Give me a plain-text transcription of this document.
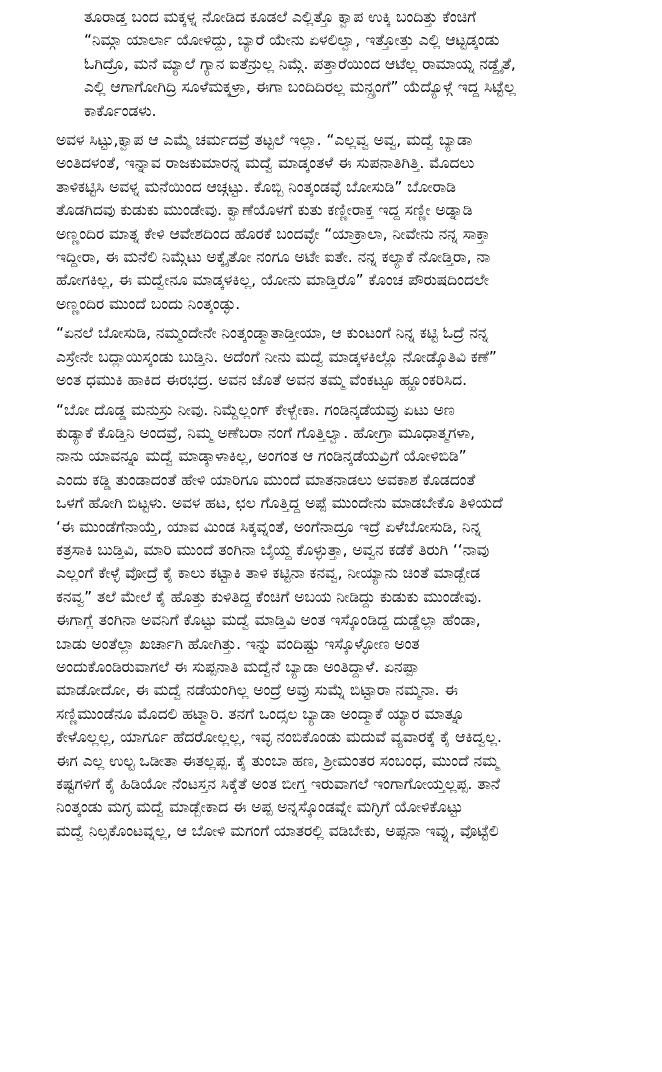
ತೂರಾಡ್ತ ಬಂದ ಮಕ್ಕಳ್ನ ನೋಡಿದ ಕೂಡಲೆ ಎಲ್ಲಿತ್ತೊ ಕ್ವಾಪ ಉಕ್ಕಿ ಬಂದಿತ್ತು ಕೆಂಚಿಗೆ
“ನಿಮ್ಗಾ ಯಾರ್ಲಾ ಯೋಳಿದ್ದು, ಬ್ಯಾರೆ ಯೇನು ಏಳಲಿಲ್ವಾ, ಇತ್ತೋತ್ತು ಎಲ್ಲಿ ಆಟ್ಟಡ್ಕಂಡು
ಓಗಿದ್ರೊ, ಮನೆ ಮ್ಯಾಲೆ ಗ್ಯಾನ ಐತೆನ್ರುಲ್ಲ ನಿಮ್ಗೆ. ಪತ್ತಾರೆಯಿಂದ ಆಟೆಲ್ಲ ರಾಮಾಯ್ನ ನಡ್ದೈತೆ,
ಎಲ್ಲಿ ಆಗಾಗೋಗಿದ್ರಿ ಸೂಳೆಮಕ್ಕಳ್ರಾ, ಈಗಾ ಬಂದಿದಿರಲ್ಲ ಮನ್ಸ್ರಂಗೆ” ಯೆದ್ಯೊಳ್ಗೆ ಇದ್ದ ಸಿಟ್ಟೆಲ್ಲ
ಕಾರ್ಕೊಂಡಳು.

ಅವಳ ಸಿಟ್ಟು,ಕ್ವಾಪ ಆ ಎಮ್ಮೆ ಚರ್ಮದವ್ರೆ ತಟ್ಟಲೆ ಇಲ್ಲಾ. “ಎಲ್ಲವ್ವ ಅವ್ವ, ಮದ್ವೆ ಬ್ಯಾಡಾ
ಅಂತಿದಳಂತೆ, ಇನ್ನಾವ ರಾಜಕುಮಾರನ್ನ ಮದ್ವೆ ಮಾಡ್ಕಂತಳೆ ಈ ಸುಪನಾತಿಗಿತ್ತಿ. ಮೊದಲು
ತಾಳಿಕಟ್ಟಿಸಿ ಅವಳ್ನ ಮನೆಯಿಂದ ಆಚ್ಗಟ್ಟು. ಕೊಬ್ಬಿ ನಿಂತ್ಕಂಡವ್ಳೆ ಬೋಸುಡಿ” ಬೋರಾಡಿ
ತೊಡಗಿದವು ಕುಡುಕು ಮುಂಡೇವು. ಕ್ವಾಣೆಯೊಳಗೆ ಕುತು ಕಣ್ಣೀರಾಕ್ತ ಇದ್ದ ಸಣ್ಣೀ ಅಡ್ನಾಡಿ
ಅಣ್ಣಂದಿರ ಮಾತ್ನ ಕೇಳಿ ಆವೇಶದಿಂದ ಹೊರಕೆ ಬಂದವ್ಳೇ “ಯಾಕ್ರಾಲಾ, ನೀವೇನು ನನ್ನ ಸಾಕ್ತಾ
ಇದ್ದೀರಾ, ಈ ಮನೆಲಿ ನಿಮ್ಗೆಟು ಅಕ್ಕೈತೋ ನಂಗೂ ಅಟೇ ಐತೇ. ನನ್ನ ಕಲ್ಯಾಕೆ ನೋಡ್ತಿರಾ, ನಾ
ಹೋಗಕಿಲ್ಲ, ಈ ಮದ್ವೇನೂ ಮಾಡ್ಕಳಕಿಲ್ಲ, ಯೋನು ಮಾಡ್ತಿರೊ” ಕೊಂಚ ಪೌರುಷದಿಂದಲೇ
ಅಣ್ಣಂದಿರ ಮುಂದೆ ಬಂದು ನಿಂತ್ಕಂಡ್ಳು.

“ಏನಲೆ ಬೋಸುಡಿ, ನಮ್ಮಂದೇನೇ ನಿಂತ್ಕಂಡ್ಮಾತಾಡ್ತೀಯಾ, ಆ ಕುಂಟಂಗೆ ನಿನ್ನ ಕಟ್ಟಿ ಓದ್ರೆ ನನ್ನ
ಎಸ್ರೇನೇ ಬದ್ಲಾಯಿಸ್ಕಂಡು ಬುಡ್ತಿನಿ. ಅದೆಂಗೆ ನೀನು ಮದ್ವೆ ಮಾಡ್ಕಳಕಿಲ್ಲೊ ನೋಡ್ಕೊತಿವಿ ಕಣೆ”
ಅಂತ ಧಮುಕಿ ಹಾಕಿದ ಈರಭದ್ರ. ಅವನ ಜೊತೆ ಅವನ ತಮ್ಮ ವೆಂಕಟ್ಟೂ ಹ್ಹೂಂಕರಿಸಿದ.

“ಬೋ ದೊಡ್ಡ ಮನುಸ್ರು ನೀವು. ನಿಮ್ದೆಲ್ಲಂಗ್ ಕೇಳ್ಬೇಕಾ. ಗಂಡಿನ್ಕಡೆಯವ್ರು ಏಟು ಅಣ
ಕುಡ್ಯಾಕೆ ಕೊಡ್ತಿನಿ ಅಂದವ್ರೆ, ನಿಮ್ಮ ಅಣೆಬರಾ ನಂಗೆ ಗೊತ್ತಿಲ್ವಾ. ಹೋಗ್ರಾ ಮೂಧಾತ್ಮಗಳಾ,
ನಾನು ಯಾವನ್ನೂ ಮದ್ವೆ ಮಾಡ್ಕಾಳಾಕಿಲ್ಲ, ಅಂಗಂತ ಆ ಗಂಡಿನ್ಕಡೆಯವ್ರಿಗೆ ಯೋಳಿಬಿಡಿ”
ಎಂದು ಕಡ್ಡಿ ತುಂಡಾದಂತೆ ಹೇಳಿ ಯಾರಿಗೂ ಮುಂದೆ ಮಾತನಾಡಲು ಅವಕಾಶ ಕೊಡದಂತೆ
ಒಳಗೆ ಹೋಗಿ ಬಿಟ್ಟಳು. ಅವಳ ಹಟ, ಛಲ ಗೊತ್ತಿದ್ದ ಅಪ್ಪೆ ಮುಂದೇನು ಮಾಡಬೇಕೊ ತಿಳಿಯದೆ
‘ಈ ಮುಂಡೆಗೆನಾಯ್ತೆ, ಯಾವ ಮಿಂಡ ಸಿಕ್ಕವ್ನಂತೆ, ಅಂಗೆನಾದ್ರೂ ಇದ್ರೆ ಏಳೆಬೋಸುಡಿ, ನಿನ್ನ
ಕತ್ರಸಾಕಿ ಬುಡ್ತಿವಿ, ಮಾರಿ ಮುಂದೆ ತಂಗಿನಾ ಬೈಯ್ದ ಕೊಳ್ಳುತ್ತಾ, ಅವ್ವನ ಕಡೆಕೆ ತಿರುಗಿ ‘‘ನಾವು
ಎಲ್ಲಂಗೆ ಕೇಳ್ಳೆ ವೋದ್ರೆ ಕೈ ಕಾಲು ಕಟ್ಟಾಕಿ ತಾಳಿ ಕಟ್ಟಿನಾ ಕನವ್ವ, ನೀಯ್ಯಾನು ಚಿಂತೆ ಮಾಡ್ಬೇಡ
ಕನವ್ವ” ತಲೆ ಮೇಲೆ ಕೈ ಹೊತ್ತು ಕುಳಿತಿದ್ದ ಕೆಂಚಿಗೆ ಅಬಯ ನೀಡಿದ್ದು ಕುಡುಕು ಮುಂಡೇವು.
ಈಗಾಗ್ಲೆ ತಂಗಿನಾ ಅವನಿಗೆ ಕೊಟ್ಟು ಮದ್ವೆ ಮಾಡ್ತಿವಿ ಅಂತ ಇಸ್ಕೊಂಡಿದ್ದ ದುಡ್ಡೆಲ್ಲಾ ಹೆಂಡಾ,
ಬಾಡು ಅಂತೆಲ್ಲಾ ಖರ್ಚಾಗಿ ಹೋಗಿತ್ತು. ಇನ್ನು ವಂದಿಷ್ಟು ಇಸ್ಕೊಳ್ಳೋಣ ಅಂತ
ಅಂದುಕೊಂಡಿರುವಾಗಲೆ ಈ ಸುಪ್ಪನಾತಿ ಮದ್ವೆನೆ ಬ್ಯಾಡಾ ಅಂತಿದ್ದಾಳೆ. ಏನಪ್ಪಾ
ಮಾಡೋದೋ, ಈ ಮದ್ವೆ ನಡೆಯಂಗಿಲ್ಲ ಅಂದ್ರೆ ಅವ್ರು ಸುಮ್ನೆ ಬಿಟ್ಟಾರಾ ನಮ್ಮನಾ. ಈ
ಸಣ್ಣಿಮುಂಡೆನೂ ಮೊದಲಿ ಹಟ್ಮಾರಿ. ತನಗೆ ಒಂದ್ಸಲ ಬ್ಯಾಡಾ ಅಂದ್ಮಾಕೆ ಯ್ಯಾರ ಮಾತ್ನೂ
ಕೇಳೊಲ್ಲಲ್ಲ, ಯಾರ್ಗೂ ಹೆದರೋಲ್ಲಲ್ಲ, ಇವ್ಳ ನಂಬಿಕೊಂಡು ಮದುವೆ ವ್ಯವಾರಕ್ಕೆ ಕೈ ಆಕಿದ್ವಲ್ಲ.
ಈಗ ಎಲ್ಲ ಉಲ್ಟ ಒಡೀತಾ ಈತಲ್ಲಪ್ಪ. ಕೈ ತುಂಬಾ ಹಣ, ಶ್ರೀಮಂತರ ಸಂಬಂಧ, ಮುಂದೆ ನಮ್ಮ
ಕಷ್ಟಗಳಿಗೆ ಕೈ ಹಿಡಿಯೋ ನೆಂಟಸ್ತನ ಸಿಕ್ಕೆತೆ ಅಂತ ಬೀಗ್ತ ಇರುವಾಗಲೆ ಇಂಗಾಗೋಯ್ತಲ್ಲಪ್ಪ. ತಾನೆ
ನಿಂತ್ಕಂಡು ಮಗ್ಳ ಮದ್ವೆ ಮಾಡ್ಬೇಕಾದ ಈ ಅಪ್ಪ ಅನ್ನಸ್ಕೊಂಡವ್ನೇ ಮಗ್ಳಿಗೆ ಯೋಳಿಕೊಟ್ಟು
ಮದ್ವೆ ನಿಲ್ಸಕೊಂಟವ್ನಲ್ಲ, ಆ ಬೋಳಿ ಮಗಂಗೆ ಯಾತರಲ್ಲಿ ವಡಿಬೇಕು, ಅಪ್ಪನಾ ಇವ್ನು, ವೊಟ್ಟೆಲಿ
